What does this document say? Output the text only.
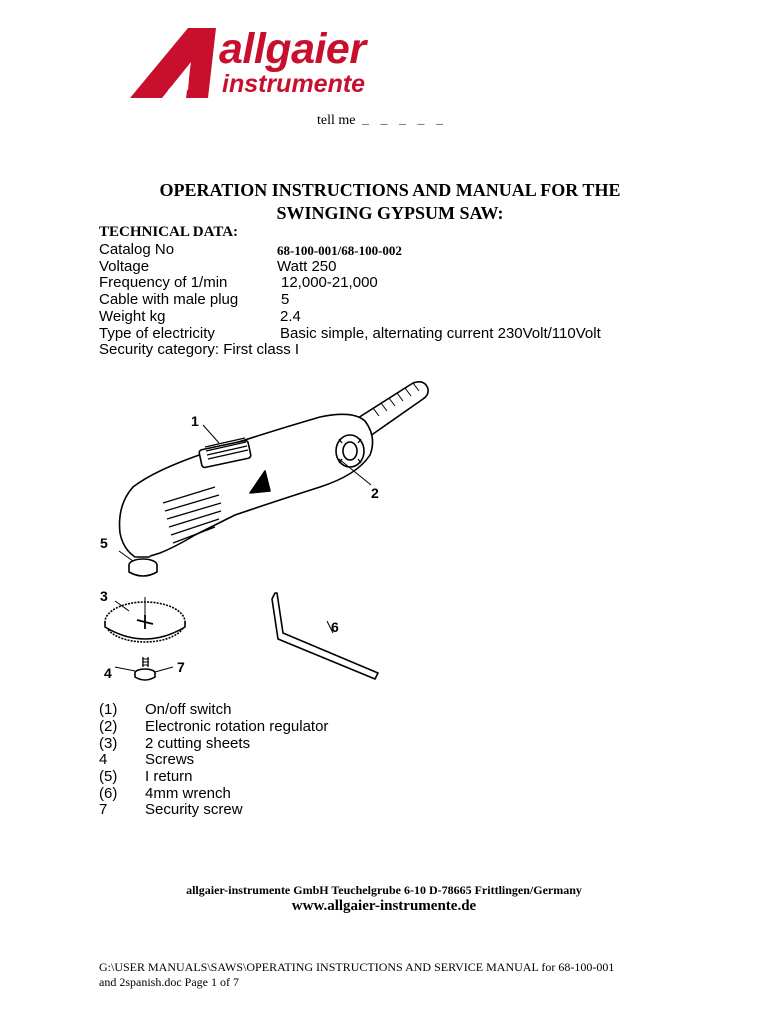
allgaier
instrumente
tell me _ _ _ _ _
OPERATION INSTRUCTIONS AND MANUAL FOR THE
SWINGING GYPSUM SAW:
TECHNICAL DATA:
Catalog No	68-100-001/68-100-002
Voltage	Watt 250
Frequency of 1/min	12,000-21,000
Cable with male plug	5
Weight kg	2.4
Type of electricity	Basic simple, alternating current 230Volt/110Volt
Security category: First class I
1
2
5
3
6
4	7
(1) On/off switch
(2) Electronic rotation regulator
(3) 2 cutting sheets
4	Screws
(5) I return
(6) 4mm wrench
7	Security screw
allgaier-instrumente GmbH Teuchelgrube 6-10 D-78665 Frittlingen/Germany
www.allgaier-instrumente.de
G:\USER MANUALS\SAWS\OPERATING INSTRUCTIONS AND SERVICE MANUAL for 68-100-001
and 2spanish.doc Page 1 of 7
